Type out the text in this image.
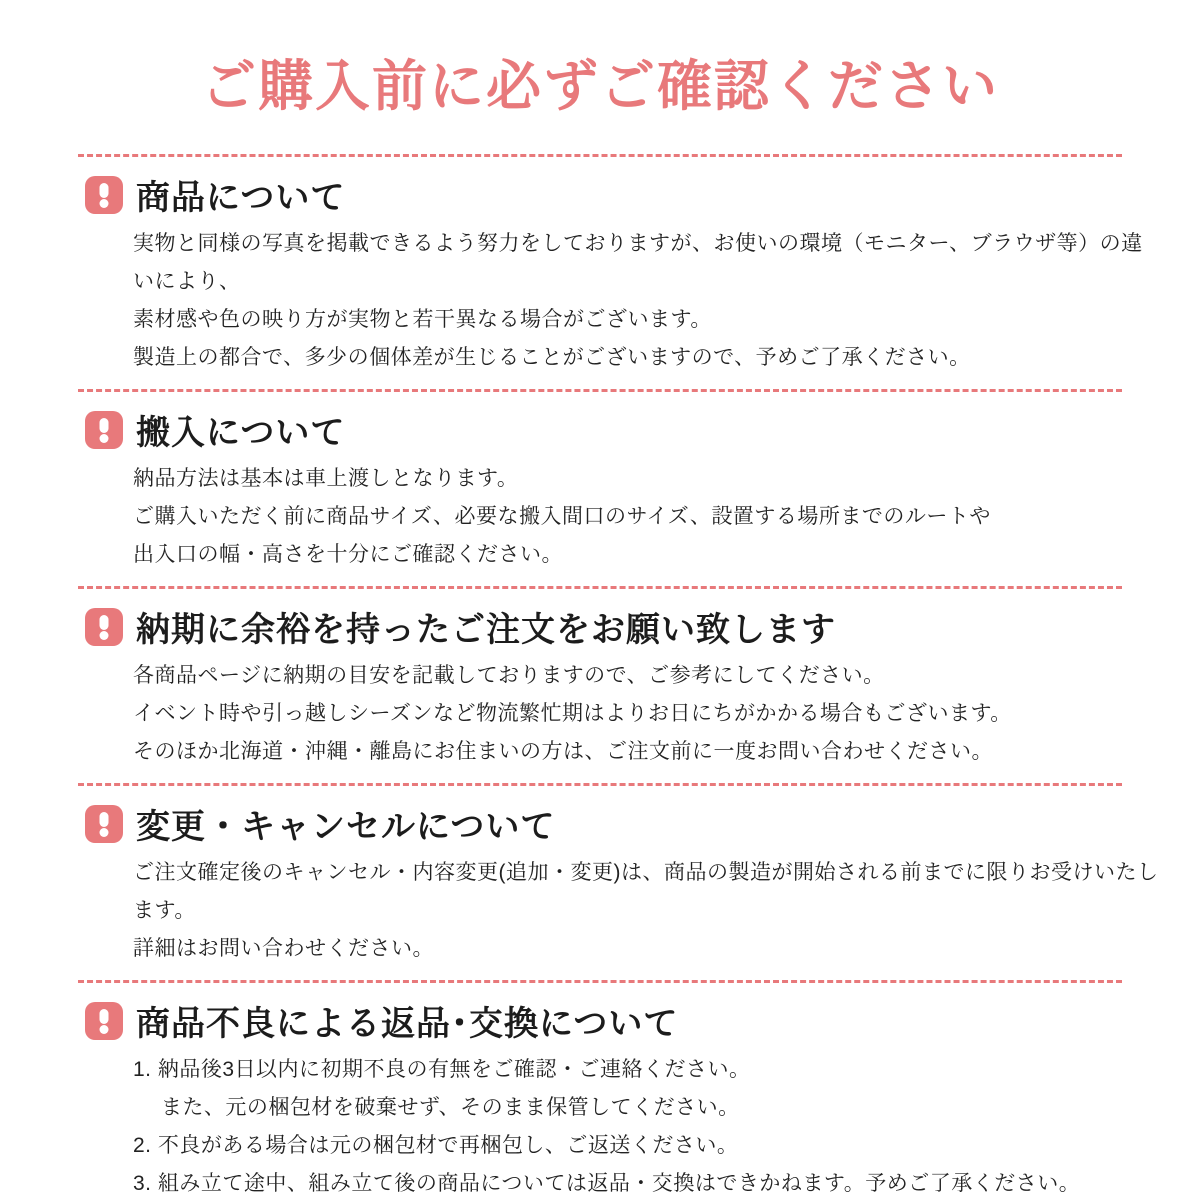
ご購入前に必ずご確認ください
商品について

実物と同様の写真を掲載できるよう努力をしておりますが、お使いの環境（モニター、ブラウザ等）の違いにより、

素材感や色の映り方が実物と若干異なる場合がございます。

製造上の都合で、多少の個体差が生じることがございますので、予めご了承ください。

搬入について

納品方法は基本は車上渡しとなります。

ご購入いただく前に商品サイズ、必要な搬入間口のサイズ、設置する場所までのルートや

出入口の幅・高さを十分にご確認ください。

納期に余裕を持ったご注文をお願い致します

各商品ページに納期の目安を記載しておりますので、ご参考にしてください。

イベント時や引っ越しシーズンなど物流繁忙期はよりお日にちがかかる場合もございます。

そのほか北海道・沖縄・離島にお住まいの方は、ご注文前に一度お問い合わせください。

変更・キャンセルについて

ご注文確定後のキャンセル・内容変更(追加・変更)は、商品の製造が開始される前までに限りお受けいたします。

詳細はお問い合わせください。

商品不良による返品･交換について

1. 納品後3日以内に初期不良の有無をご確認・ご連絡ください。

　 また、元の梱包材を破棄せず、そのまま保管してください。

2. 不良がある場合は元の梱包材で再梱包し、ご返送ください。

3. 組み立て途中、組み立て後の商品については返品・交換はできかねます。予めご了承ください。
